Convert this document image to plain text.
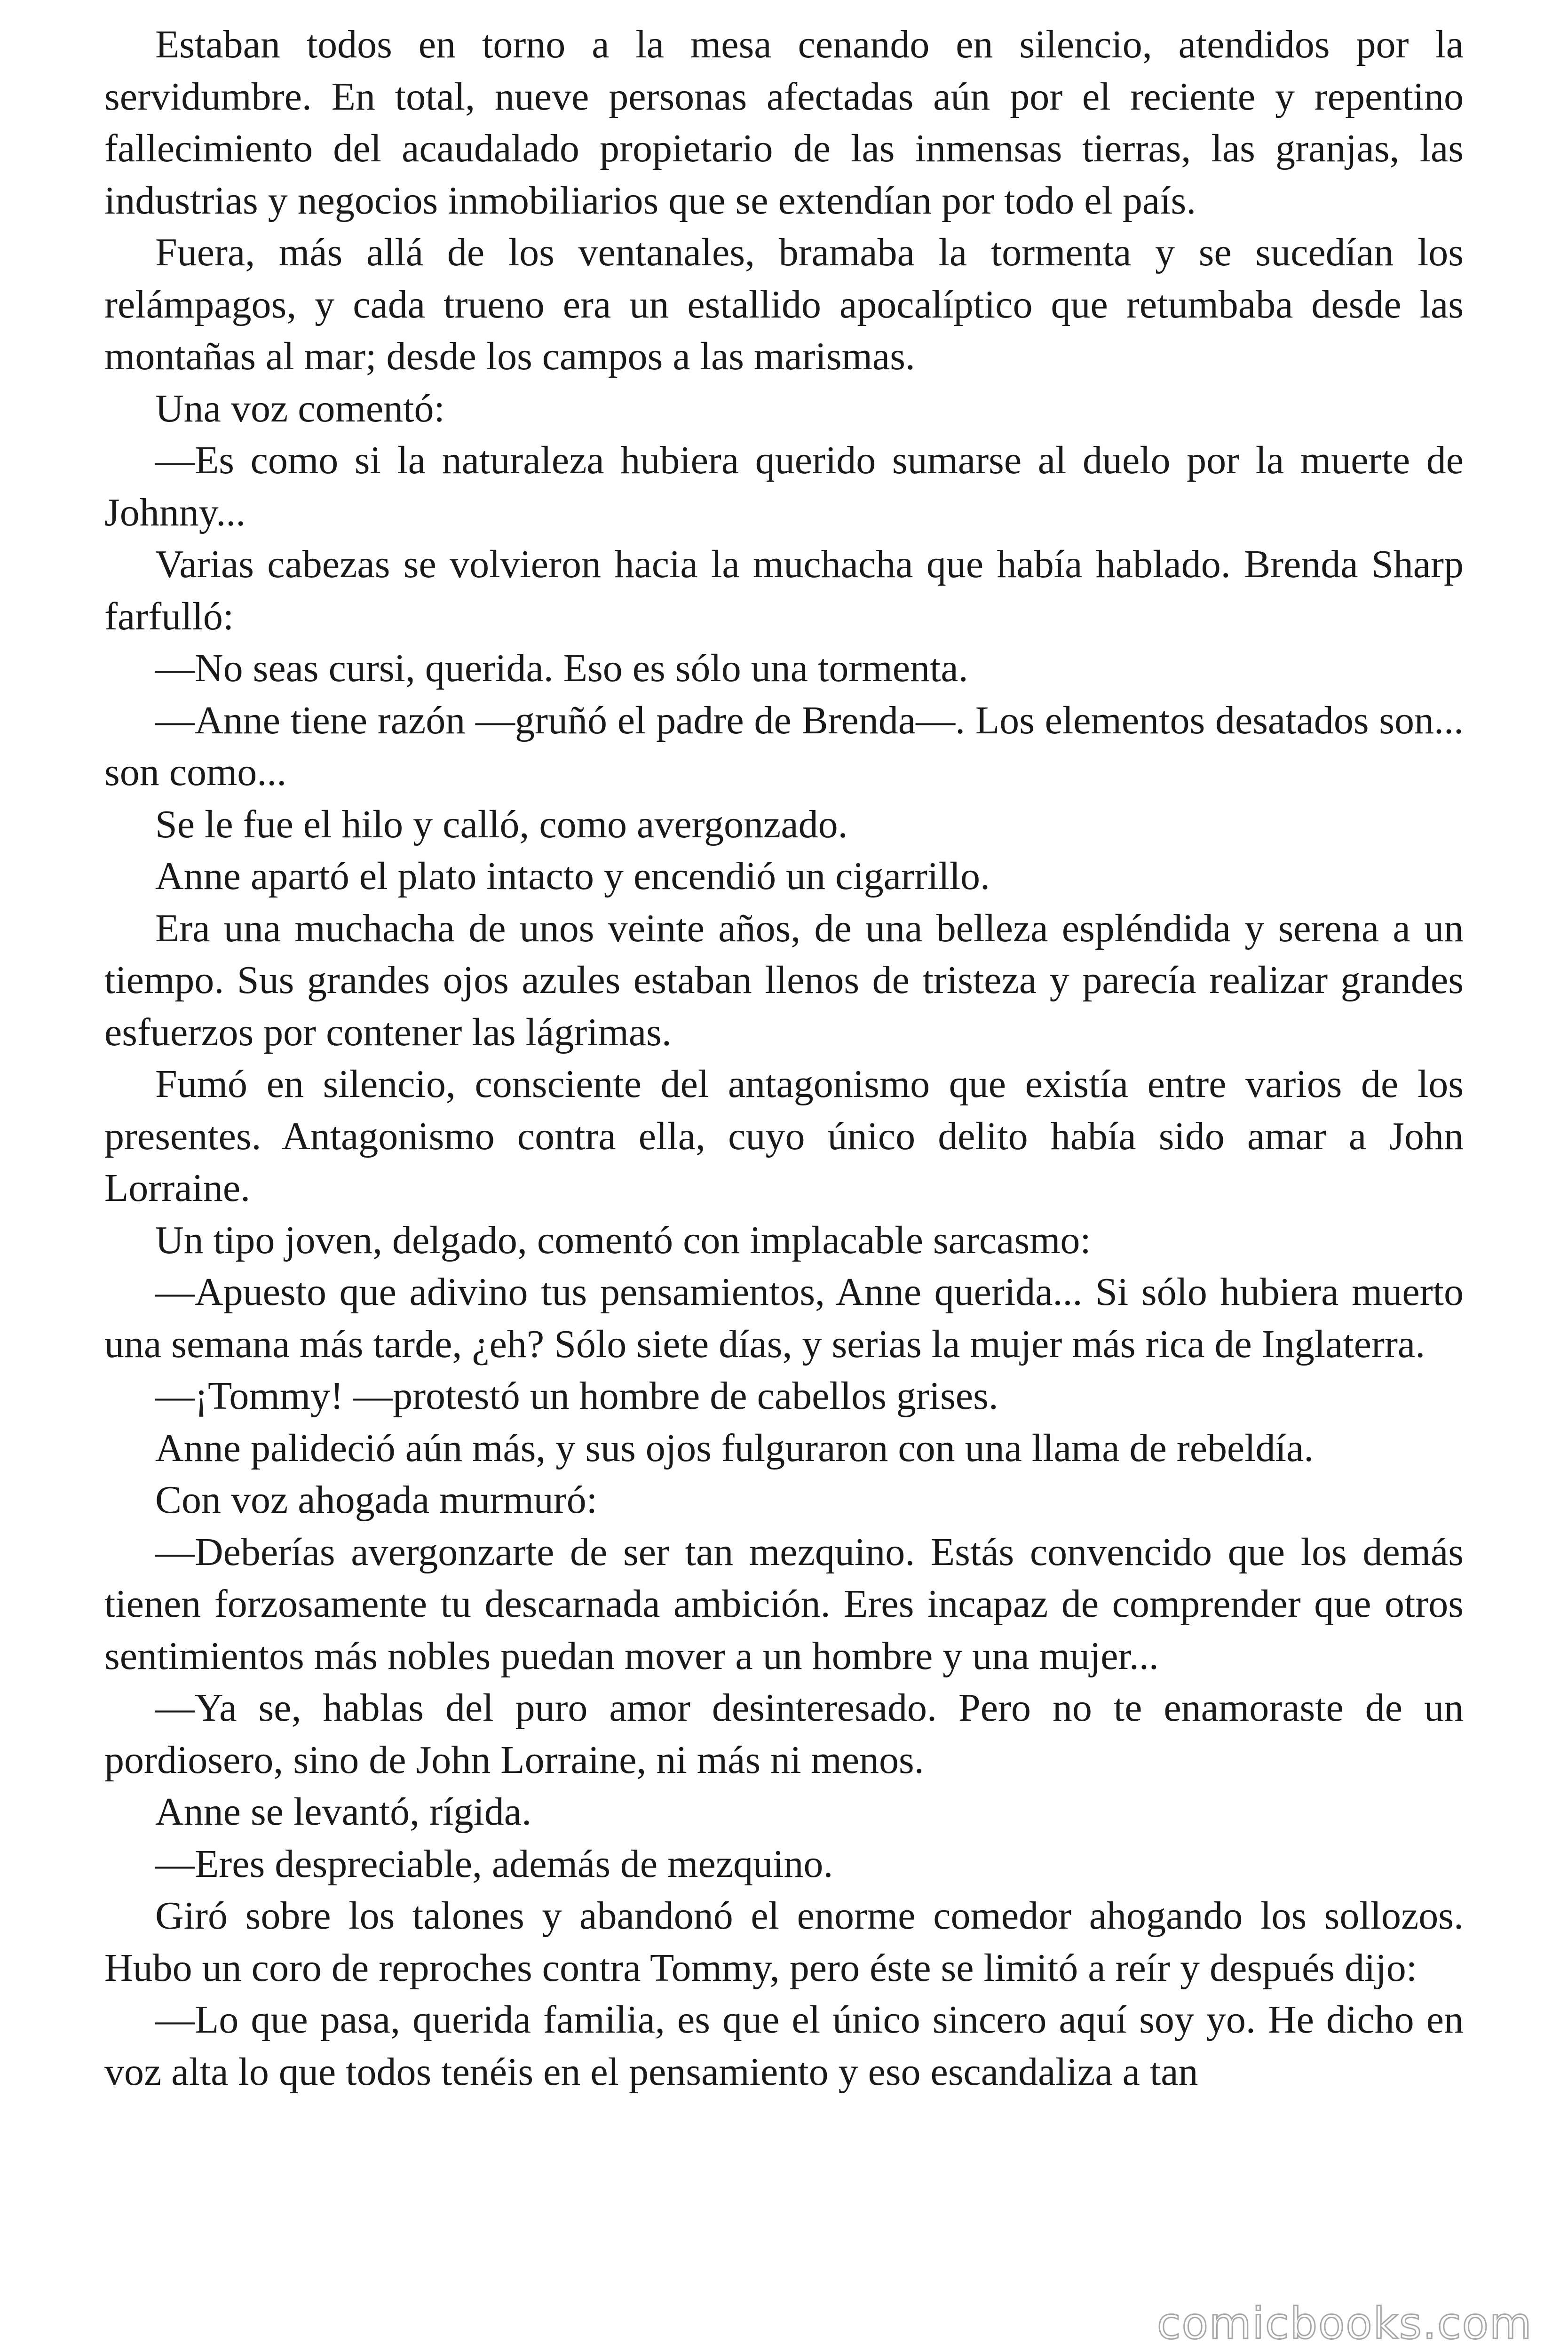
Estaban todos en torno a la mesa cenando en silencio, atendidos por la servidumbre. En total, nueve personas afectadas aún por el reciente y repentino fallecimiento del acaudalado propietario de las inmensas tierras, las granjas, las industrias y negocios inmobiliarios que se extendían por todo el país.

Fuera, más allá de los ventanales, bramaba la tormenta y se sucedían los relámpagos, y cada trueno era un estallido apocalíptico que retumbaba desde las montañas al mar; desde los campos a las marismas.

Una voz comentó:

—Es como si la naturaleza hubiera querido sumarse al duelo por la muerte de Johnny...

Varias cabezas se volvieron hacia la muchacha que había hablado. Brenda Sharp farfulló:

—No seas cursi, querida. Eso es sólo una tormenta.

—Anne tiene razón —gruñó el padre de Brenda—. Los elementos desatados son... son como...

Se le fue el hilo y calló, como avergonzado.

Anne apartó el plato intacto y encendió un cigarrillo.

Era una muchacha de unos veinte años, de una belleza espléndida y serena a un tiempo. Sus grandes ojos azules estaban llenos de tristeza y parecía realizar grandes esfuerzos por contener las lágrimas.

Fumó en silencio, consciente del antagonismo que existía entre varios de los presentes. Antagonismo contra ella, cuyo único delito había sido amar a John Lorraine.

Un tipo joven, delgado, comentó con implacable sarcasmo:

—Apuesto que adivino tus pensamientos, Anne querida... Si sólo hubiera muerto una semana más tarde, ¿eh? Sólo siete días, y serias la mujer más rica de Inglaterra.

—¡Tommy! —protestó un hombre de cabellos grises.

Anne palideció aún más, y sus ojos fulguraron con una llama de rebeldía.

Con voz ahogada murmuró:

—Deberías avergonzarte de ser tan mezquino. Estás convencido que los demás tienen forzosamente tu descarnada ambición. Eres incapaz de comprender que otros sentimientos más nobles puedan mover a un hombre y una mujer...

—Ya se, hablas del puro amor desinteresado. Pero no te enamoraste de un pordiosero, sino de John Lorraine, ni más ni menos.

Anne se levantó, rígida.

—Eres despreciable, además de mezquino.

Giró sobre los talones y abandonó el enorme comedor ahogando los sollozos. Hubo un coro de reproches contra Tommy, pero éste se limitó a reír y después dijo:

—Lo que pasa, querida familia, es que el único sincero aquí soy yo. He dicho en voz alta lo que todos tenéis en el pensamiento y eso escandaliza a tan

comicbooks.com
